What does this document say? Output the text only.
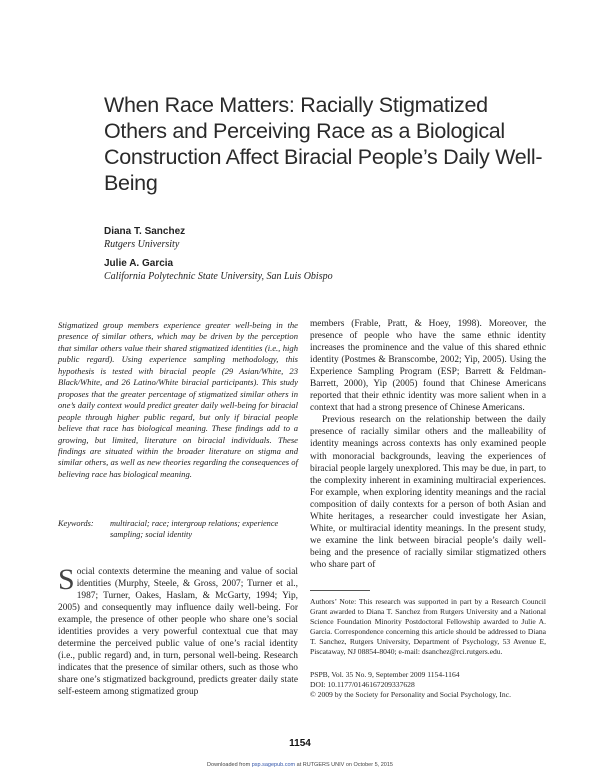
When Race Matters: Racially Stigmatized Others and Perceiving Race as a Biological Construction Affect Biracial People’s Daily Well-Being
Diana T. Sanchez
Rutgers University
Julie A. Garcia
California Polytechnic State University, San Luis Obispo
Stigmatized group members experience greater well-being in the presence of similar others, which may be driven by the perception that similar others value their shared stigmatized identities (i.e., high public regard). Using experience sampling methodology, this hypothesis is tested with biracial people (29 Asian/White, 23 Black/White, and 26 Latino/White biracial participants). This study proposes that the greater percentage of stigmatized similar others in one’s daily context would predict greater daily well-being for biracial people through higher public regard, but only if biracial people believe that race has biological meaning. These findings add to a growing, but limited, literature on biracial individuals. These findings are situated within the broader literature on stigma and similar others, as well as new theories regarding the consequences of believing race has biological meaning.
Keywords:	multiracial; race; intergroup relations; experience sampling; social identity
Social contexts determine the meaning and value of social identities (Murphy, Steele, & Gross, 2007; Turner et al., 1987; Turner, Oakes, Haslam, & McGarty, 1994; Yip, 2005) and consequently may influence daily well-being. For example, the presence of other people who share one’s social identities provides a very powerful contextual cue that may determine the perceived public value of one’s racial identity (i.e., public regard) and, in turn, personal well-being. Research indicates that the presence of similar others, such as those who share one’s stigmatized background, predicts greater daily state self-esteem among stigmatized group

members (Frable, Pratt, & Hoey, 1998). Moreover, the presence of people who have the same ethnic identity increases the prominence and the value of this shared ethnic identity (Postmes & Branscombe, 2002; Yip, 2005). Using the Experience Sampling Program (ESP; Barrett & Feldman-Barrett, 2000), Yip (2005) found that Chinese Americans reported that their ethnic identity was more salient when in a context that had a strong presence of Chinese Americans.

Previous research on the relationship between the daily presence of racially similar others and the malleability of identity meanings across contexts has only examined people with monoracial backgrounds, leaving the experiences of biracial people largely unexplored. This may be due, in part, to the complexity inherent in examining multiracial experiences. For example, when exploring identity meanings and the racial composition of daily contexts for a person of both Asian and White heritages, a researcher could investigate her Asian, White, or multiracial identity meanings. In the present study, we examine the link between biracial people’s daily well-being and the presence of racially similar stigmatized others who share part of

Authors’ Note: This research was supported in part by a Research Council Grant awarded to Diana T. Sanchez from Rutgers University and a National Science Foundation Minority Postdoctoral Fellowship awarded to Julie A. Garcia. Correspondence concerning this article should be addressed to Diana T. Sanchez, Rutgers University, Department of Psychology, 53 Avenue E, Piscataway, NJ 08854-8040; e-mail: dsanchez@rci.rutgers.edu.
PSPB, Vol. 35 No. 9, September 2009 1154-1164
DOI: 10.1177/0146167209337628
© 2009 by the Society for Personality and Social Psychology, Inc.
1154
Downloaded from psp.sagepub.com at RUTGERS UNIV on October 5, 2015
